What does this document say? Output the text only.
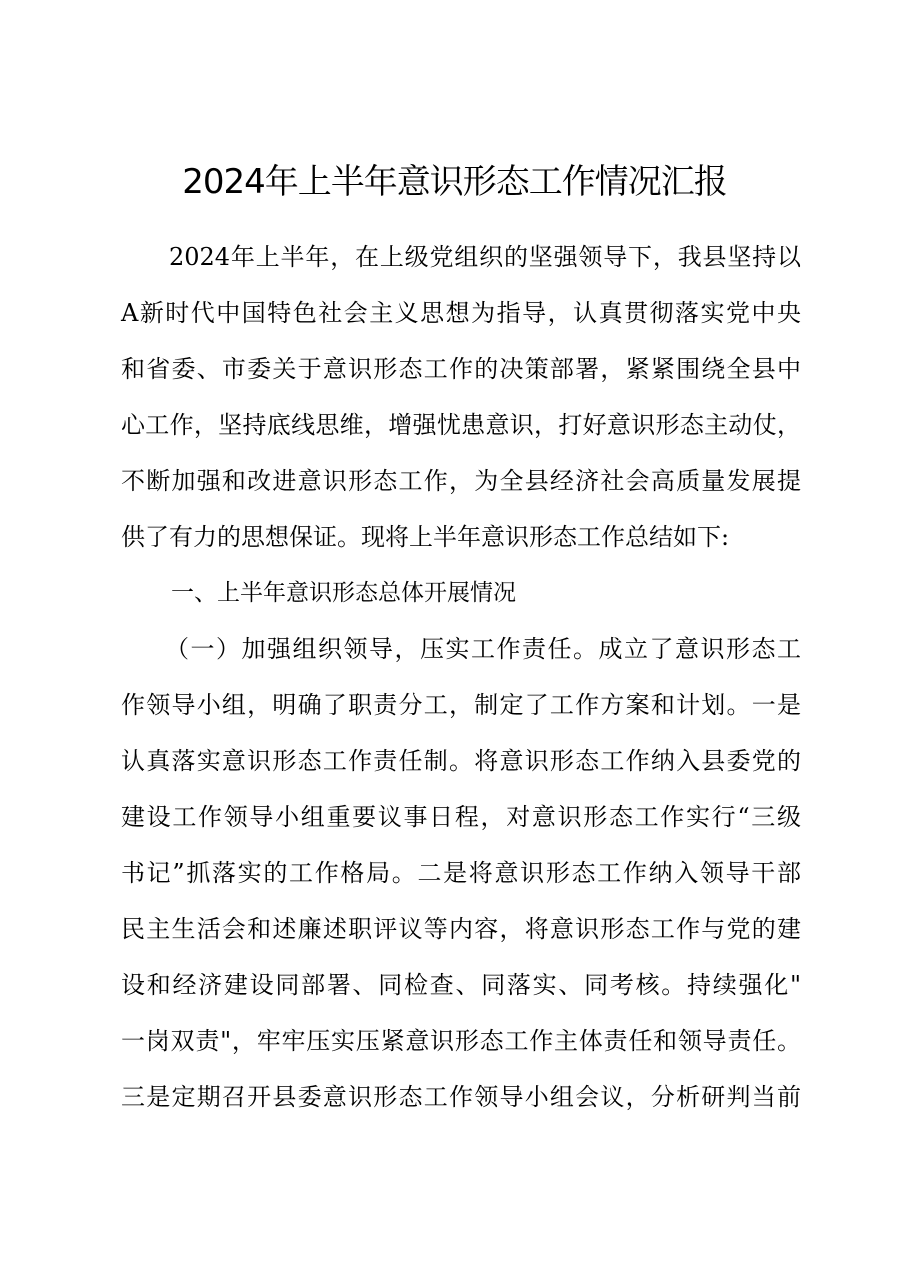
2024年上半年意识形态工作情况汇报
2024年上半年，在上级党组织的坚强领导下，我县坚持以
A新时代中国特色社会主义思想为指导，认真贯彻落实党中央
和省委、市委关于意识形态工作的决策部署，紧紧围绕全县中
心工作，坚持底线思维，增强忧患意识，打好意识形态主动仗，
不断加强和改进意识形态工作，为全县经济社会高质量发展提
供了有力的思想保证。现将上半年意识形态工作总结如下:
一、上半年意识形态总体开展情况
（一）加强组织领导，压实工作责任。成立了意识形态工
作领导小组，明确了职责分工，制定了工作方案和计划。一是
认真落实意识形态工作责任制。将意识形态工作纳入县委党的
建设工作领导小组重要议事日程，对意识形态工作实行“三级
书记”抓落实的工作格局。二是将意识形态工作纳入领导干部
民主生活会和述廉述职评议等内容，将意识形态工作与党的建
设和经济建设同部署、同检查、同落实、同考核。持续强化"
一岗双责"，牢牢压实压紧意识形态工作主体责任和领导责任。
三是定期召开县委意识形态工作领导小组会议，分析研判当前
